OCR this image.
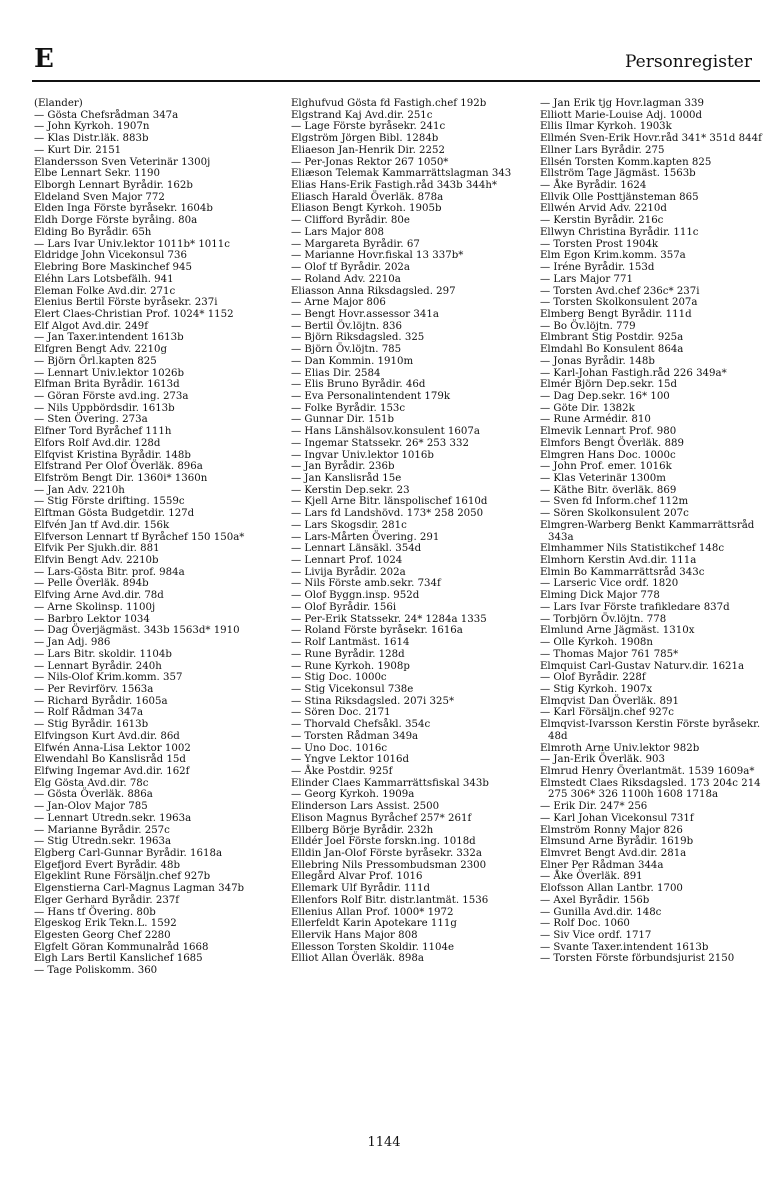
E	Personregister

(Elander)

— Gösta Chefsrådman 347a

— John Kyrkoh. 1907n

— Klas Distr.läk. 883b

— Kurt Dir. 2151

Elandersson Sven Veterinär 1300j

Elbe Lennart Sekr. 1190

Elborgh Lennart Byrådir. 162b

Eldeland Sven Major 772

Elden Inga Förste byråsekr. 1604b

Eldh Dorge Förste byråing. 80a

Elding Bo Byrådir. 65h

— Lars Ivar Univ.lektor 1011b* 1011c

Eldridge John Vicekonsul 736

Elebring Bore Maskinchef 945

Eléhn Lars Lotsbefälh. 941

Eleman Folke Avd.dir. 271c

Elenius Bertil Förste byråsekr. 237i

Elert Claes-Christian Prof. 1024* 1152

Elf Algot Avd.dir. 249f

— Jan Taxer.intendent 1613b

Elfgren Bengt Adv. 2210g

— Björn Örl.kapten 825

— Lennart Univ.lektor 1026b

Elfman Brita Byrådir. 1613d

— Göran Förste avd.ing. 273a

— Nils Uppbördsdir. 1613b

— Sten Övering. 273a

Elfner Tord Byråchef 111h

Elfors Rolf Avd.dir. 128d

Elfqvist Kristina Byrådir. 148b

Elfstrand Per Olof Överläk. 896a

Elfström Bengt Dir. 1360i* 1360n

— Jan Adv. 2210h

— Stig Förste drifting. 1559c

Elftman Gösta Budgetdir. 127d

Elfvén Jan tf Avd.dir. 156k

Elfverson Lennart tf Byråchef 150 150a*

Elfvik Per Sjukh.dir. 881

Elfvin Bengt Adv. 2210b

— Lars-Gösta Bitr. prof. 984a

— Pelle Överläk. 894b

Elfving Arne Avd.dir. 78d

— Arne Skolinsp. 1100j

— Barbro Lektor 1034

— Dag Överjägmäst. 343b 1563d* 1910

— Jan Adj. 986

— Lars Bitr. skoldir. 1104b

— Lennart Byrådir. 240h

— Nils-Olof Krim.komm. 357

— Per Revirförv. 1563a

— Richard Byrådir. 1605a

— Rolf Rådman 347a

— Stig Byrådir. 1613b

Elfvingson Kurt Avd.dir. 86d

Elfwén Anna-Lisa Lektor 1002

Elwendahl Bo Kanslisråd 15d

Elfwing Ingemar Avd.dir. 162f

Elg Gösta Avd.dir. 78c

— Gösta Överläk. 886a

— Jan-Olov Major 785

— Lennart Utredn.sekr. 1963a

— Marianne Byrådir. 257c

— Stig Utredn.sekr. 1963a

Elgberg Carl-Gunnar Byrådir. 1618a

Elgefjord Evert Byrådir. 48b

Elgeklint Rune Försäljn.chef 927b

Elgenstierna Carl-Magnus Lagman 347b

Elger Gerhard Byrådir. 237f

— Hans tf Övering. 80b

Elgeskog Erik Tekn.L. 1592

Elgesten Georg Chef 2280

Elgfelt Göran Kommunalråd 1668

Elgh Lars Bertil Kanslichef 1685

— Tage Poliskomm. 360

Elghufvud Gösta fd Fastigh.chef 192b

Elgstrand Kaj Avd.dir. 251c

— Lage Förste byråsekr. 241c

Elgström Jörgen Bibl. 1284b

Eliaeson Jan-Henrik Dir. 2252

— Per-Jonas Rektor 267 1050*

Eliæson Telemak Kammarrättslagman 343

Elias Hans-Erik Fastigh.råd 343b 344h*

Eliasch Harald Överläk. 878a

Eliason Bengt Kyrkoh. 1905b

— Clifford Byrådir. 80e

— Lars Major 808

— Margareta Byrådir. 67

— Marianne Hovr.fiskal 13 337b*

— Olof tf Byrådir. 202a

— Roland Adv. 2210a

Eliasson Anna Riksdagsled. 297

— Arne Major 806

— Bengt Hovr.assessor 341a

— Bertil Öv.löjtn. 836

— Björn Riksdagsled. 325

— Björn Öv.löjtn. 785

— Dan Kommin. 1910m

— Elias Dir. 2584

— Elis Bruno Byrådir. 46d

— Eva Personalintendent 179k

— Folke Byrådir. 153c

— Gunnar Dir. 151b

— Hans Länshälsov.konsulent 1607a

— Ingemar Statssekr. 26* 253 332

— Ingvar Univ.lektor 1016b

— Jan Byrådir. 236b

— Jan Kanslisråd 15e

— Kerstin Dep.sekr. 23

— Kjell Arne Bitr. länspolischef 1610d

— Lars fd Landshövd. 173* 258 2050

— Lars Skogsdir. 281c

— Lars-Mårten Övering. 291

— Lennart Länsäkl. 354d

— Lennart Prof. 1024

— Livija Byrådir. 202a

— Nils Förste amb.sekr. 734f

— Olof Byggn.insp. 952d

— Olof Byrådir. 156i

— Per-Erik Statssekr. 24* 1284a 1335

— Roland Förste byråsekr. 1616a

— Rolf Lantmäst. 1614

— Rune Byrådir. 128d

— Rune Kyrkoh. 1908p

— Stig Doc. 1000c

— Stig Vicekonsul 738e

— Stina Riksdagsled. 207i 325*

— Sören Doc. 2171

— Thorvald Chefsåkl. 354c

— Torsten Rådman 349a

— Uno Doc. 1016c

— Yngve Lektor 1016d

— Åke Postdir. 925f

Elinder Claes Kammarrättsfiskal 343b

— Georg Kyrkoh. 1909a

Elinderson Lars Assist. 2500

Elison Magnus Byråchef 257* 261f

Ellberg Börje Byrådir. 232h

Elldér Joel Förste forskn.ing. 1018d

Elldin Jan-Olof Förste byråsekr. 332a

Ellebring Nils Pressombudsman 2300

Ellegård Alvar Prof. 1016

Ellemark Ulf Byrådir. 111d

Ellenfors Rolf Bitr. distr.lantmät. 1536

Ellenius Allan Prof. 1000* 1972

Ellerfeldt Karin Apotekare 111g

Ellervik Hans Major 808

Ellesson Torsten Skoldir. 1104e

Elliot Allan Överläk. 898a

— Jan Erik tjg Hovr.lagman 339

Elliott Marie-Louise Adj. 1000d

Ellis Ilmar Kyrkoh. 1903k

Ellmén Sven-Erik Hovr.råd 341* 351d 844f

Ellner Lars Byrådir. 275

Ellsén Torsten Komm.kapten 825

Ellström Tage Jägmäst. 1563b

— Åke Byrådir. 1624

Ellvik Olle Posttjänsteman 865

Ellwén Arvid Adv. 2210d

— Kerstin Byrådir. 216c

Ellwyn Christina Byrådir. 111c

— Torsten Prost 1904k

Elm Egon Krim.komm. 357a

— Iréne Byrådir. 153d

— Lars Major 771

— Torsten Avd.chef 236c* 237i

— Torsten Skolkonsulent 207a

Elmberg Bengt Byrådir. 111d

— Bo Öv.löjtn. 779

Elmbrant Stig Postdir. 925a

Elmdahl Bo Konsulent 864a

— Jonas Byrådir. 148b

— Karl-Johan Fastigh.råd 226 349a*

Elmér Björn Dep.sekr. 15d

— Dag Dep.sekr. 16* 100

— Göte Dir. 1382k

— Rune Armédir. 810

Elmevik Lennart Prof. 980

Elmfors Bengt Överläk. 889

Elmgren Hans Doc. 1000c

— John Prof. emer. 1016k

— Klas Veterinär 1300m

— Käthe Bitr. överläk. 869

— Sven fd Inform.chef 112m

— Sören Skolkonsulent 207c

Elmgren-Warberg Benkt Kammarrättsråd 343a

Elmhammer Nils Statistikchef 148c

Elmhorn Kerstin Avd.dir. 111a

Elmin Bo Kammarrättsråd 343c

— Larseric Vice ordf. 1820

Elming Dick Major 778

— Lars Ivar Förste trafikledare 837d

— Torbjörn Öv.löjtn. 778

Elmlund Arne Jägmäst. 1310x

— Olle Kyrkoh. 1908n

— Thomas Major 761 785*

Elmquist Carl-Gustav Naturv.dir. 1621a

— Olof Byrådir. 228f

— Stig Kyrkoh. 1907x

Elmqvist Dan Överläk. 891

— Karl Försäljn.chef 927c

Elmqvist-Ivarsson Kerstin Förste byråsekr. 48d

Elmroth Arne Univ.lektor 982b

— Jan-Erik Överläk. 903

Elmrud Henry Överlantmät. 1539 1609a*

Elmstedt Claes Riksdagsled. 173 204c 214 275 306* 326 1100h 1608 1718a

— Erik Dir. 247* 256

— Karl Johan Vicekonsul 731f

Elmström Ronny Major 826

Elmsund Arne Byrådir. 1619b

Elmvret Bengt Avd.dir. 281a

Elner Per Rådman 344a

— Åke Överläk. 891

Elofsson Allan Lantbr. 1700

— Axel Byrådir. 156b

— Gunilla Avd.dir. 148c

— Rolf Doc. 1060

— Siv Vice ordf. 1717

— Svante Taxer.intendent 1613b

— Torsten Förste förbundsjurist 2150

1144
